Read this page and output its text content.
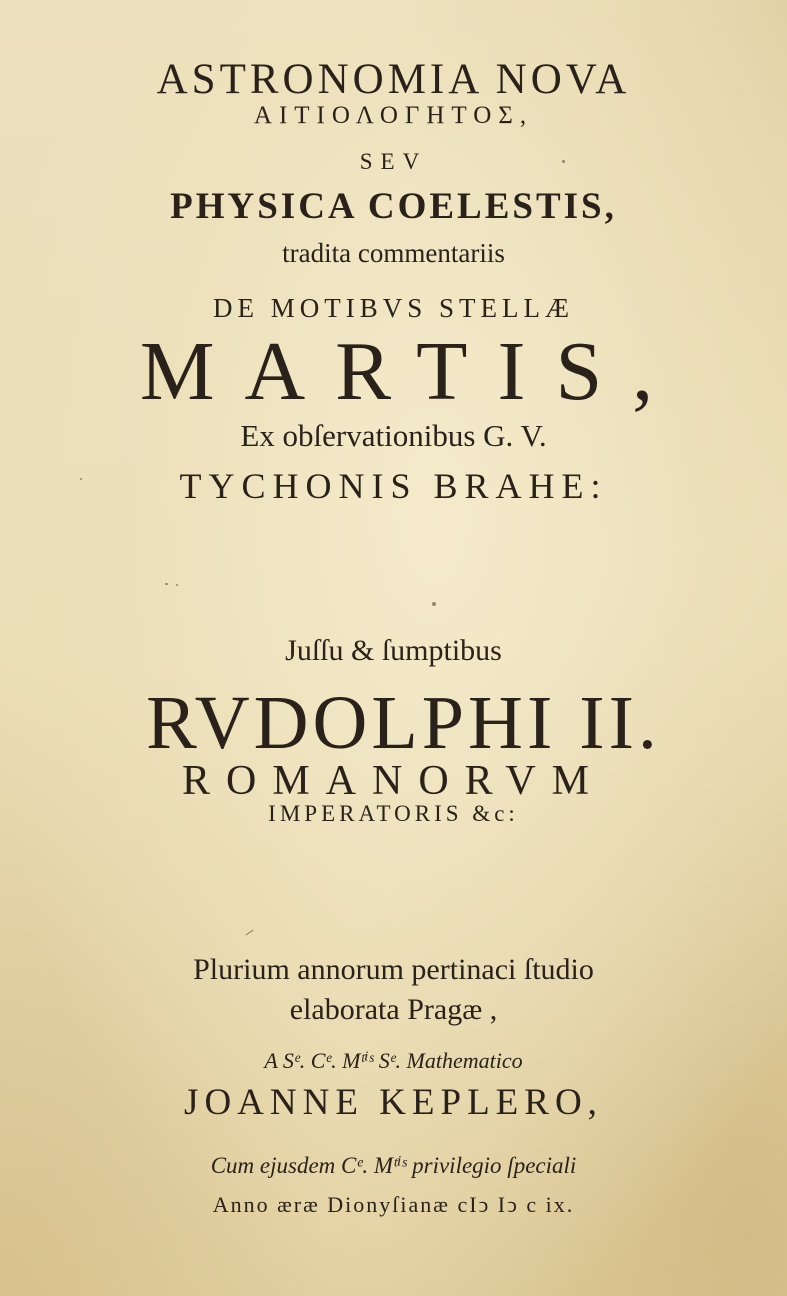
ASTRONOMIA NOVA
ΑΙΤΙΟΛΟΓΗΤΟΣ,
SEV
PHYSICA COELESTIS,
tradita commentariis
DE MOTIBVS STELLÆ
MARTIS,
Ex obſervationibus G. V.
TYCHONIS BRAHE:
Juſſu & ſumptibus
RVDOLPHI II.
ROMANORVM
IMPERATORIS &c:
Plurium annorum pertinaci ſtudio
elaborata Pragæ ,
A Sᵉ. Cᵉ. Mᵗⁱˢ Sᵉ. Mathematico
JOANNE KEPLERO,
Cum ejusdem Cᵉ. Mᵗⁱˢ privilegio ſpeciali
Anno æræ Dionyſianæ cIↄ Iↄ c ix.
